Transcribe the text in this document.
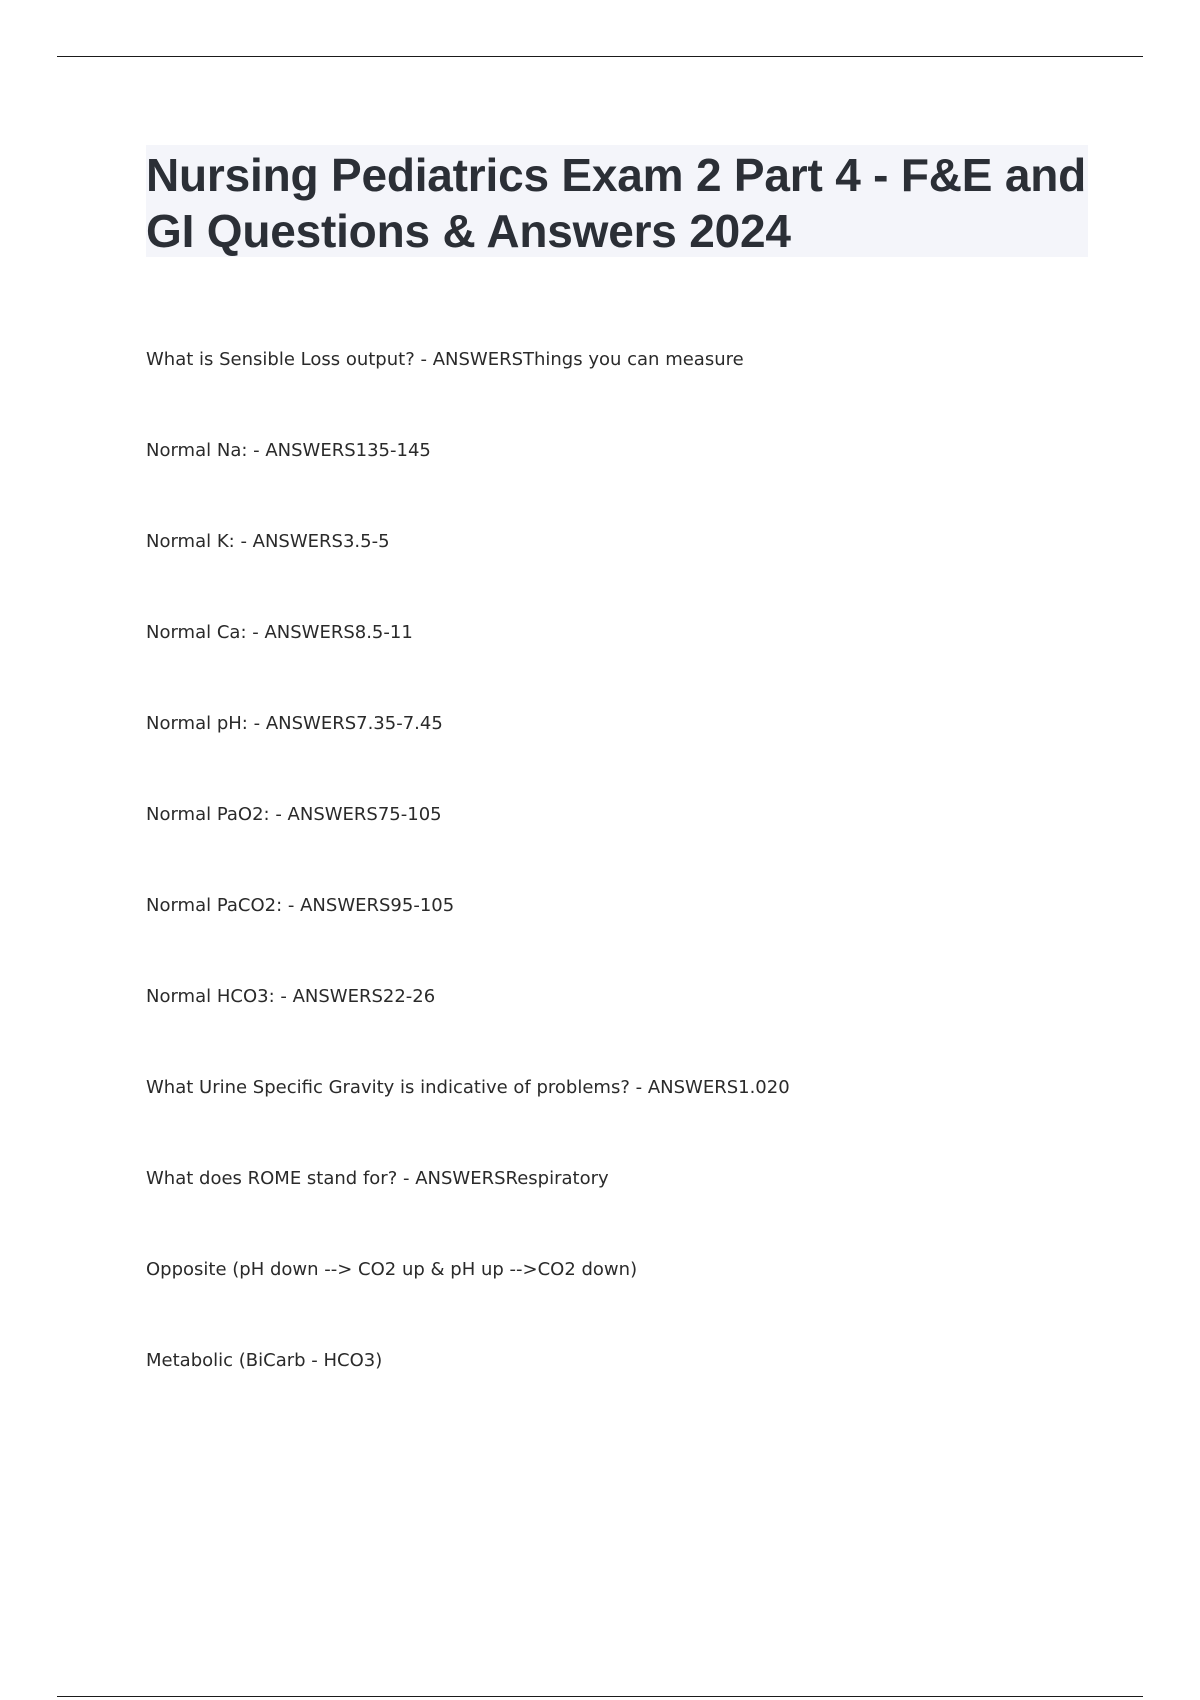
Nursing Pediatrics Exam 2 Part 4 - F&E and GI Questions & Answers 2024
What is Sensible Loss output? - ANSWERSThings you can measure
Normal Na: - ANSWERS135-145
Normal K: - ANSWERS3.5-5
Normal Ca: - ANSWERS8.5-11
Normal pH: - ANSWERS7.35-7.45
Normal PaO2: - ANSWERS75-105
Normal PaCO2: - ANSWERS95-105
Normal HCO3: - ANSWERS22-26
What Urine Specific Gravity is indicative of problems? - ANSWERS1.020
What does ROME stand for? - ANSWERSRespiratory
Opposite (pH down --> CO2 up & pH up -->CO2 down)
Metabolic (BiCarb - HCO3)
